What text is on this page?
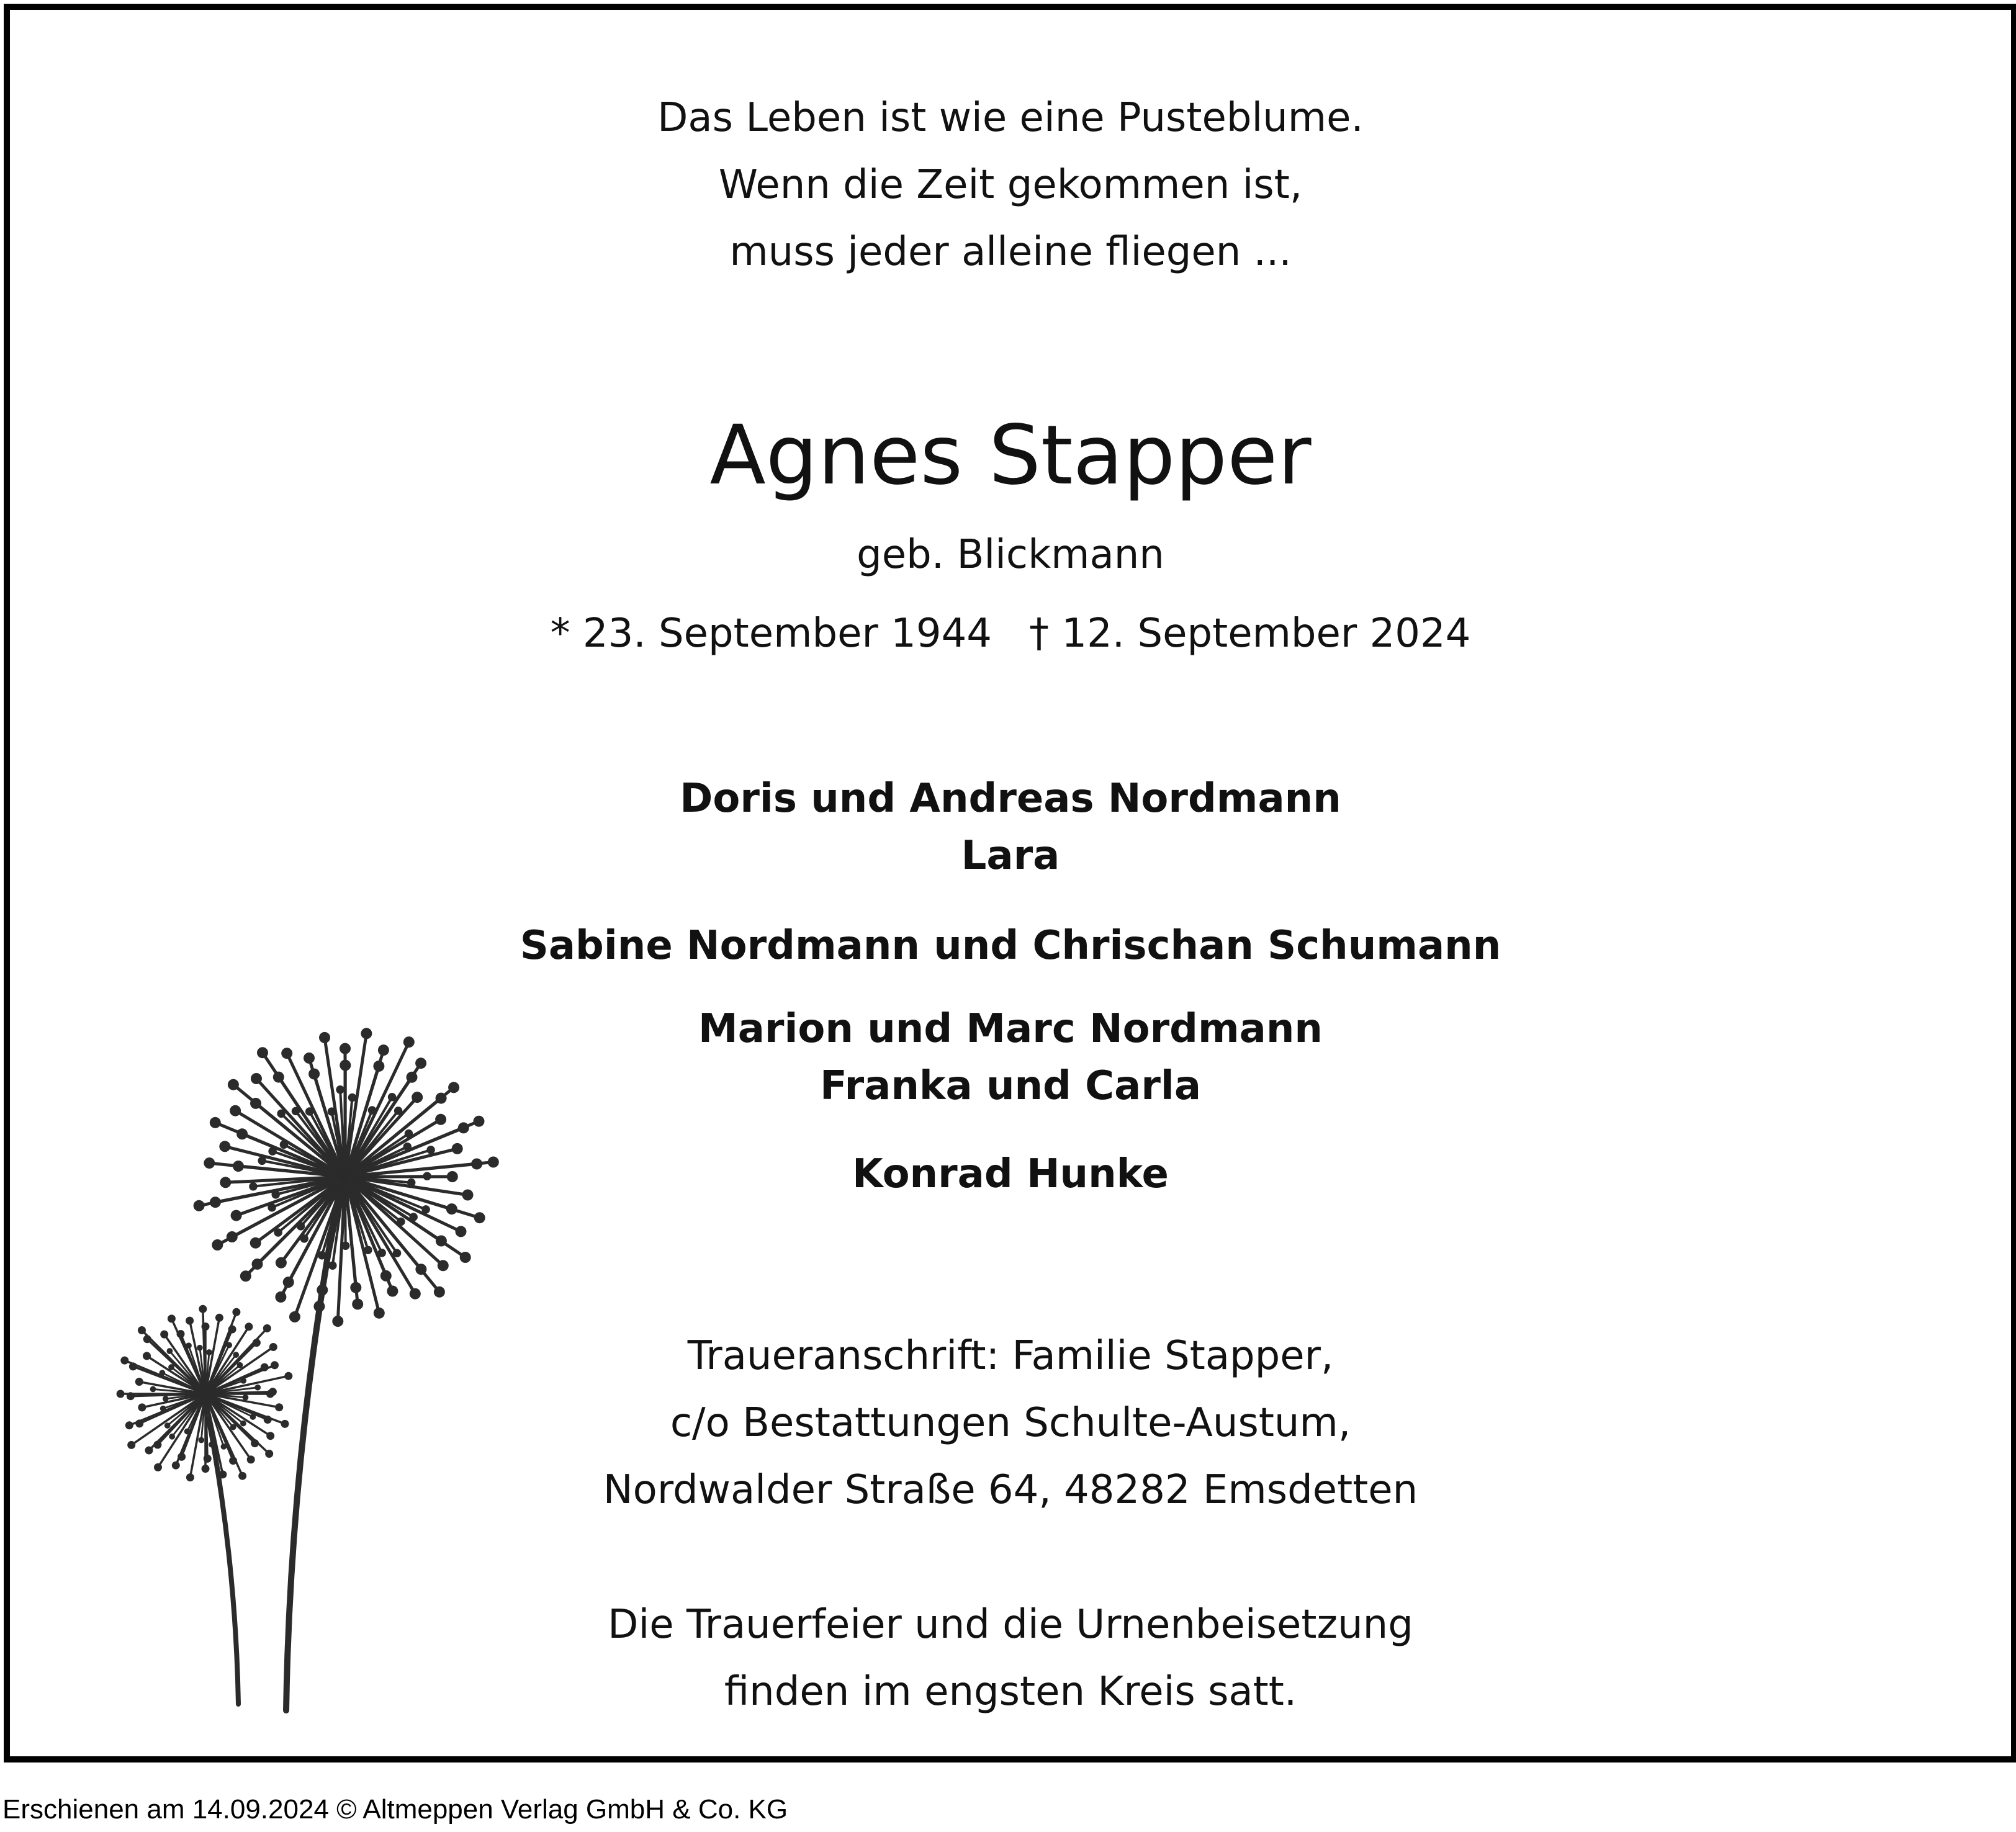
Das Leben ist wie eine Pusteblume.
Wenn die Zeit gekommen ist,
muss jeder alleine fliegen ...
Agnes Stapper
geb. Blickmann
* 23. September 1944 † 12. September 2024
Doris und Andreas Nordmann
Lara
Sabine Nordmann und Chrischan Schumann
Marion und Marc Nordmann
Franka und Carla
Konrad Hunke
Traueranschrift: Familie Stapper,
c/o Bestattungen Schulte-Austum,
Nordwalder Straße 64, 48282 Emsdetten
Die Trauerfeier und die Urnenbeisetzung
finden im engsten Kreis satt.
Erschienen am 14.09.2024 © Altmeppen Verlag GmbH & Co. KG
